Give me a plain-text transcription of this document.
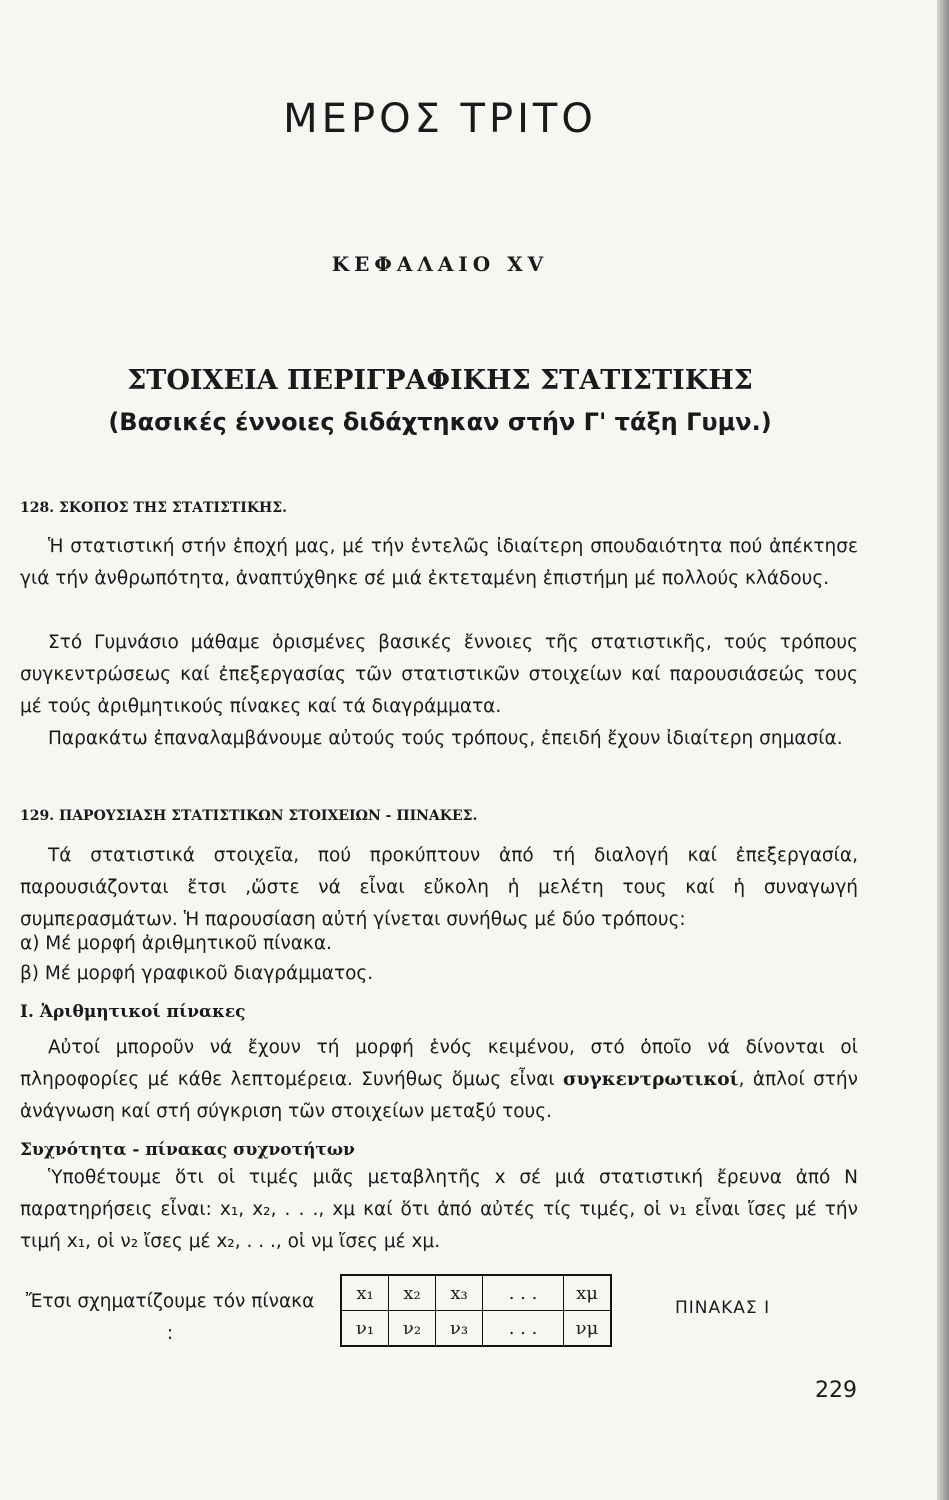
ΜΕΡΟΣ ΤΡΙΤΟ
ΚΕΦΑΛΑΙΟ XV
ΣΤΟΙΧΕΙΑ ΠΕΡΙΓΡΑΦΙΚΗΣ ΣΤΑΤΙΣΤΙΚΗΣ
(Βασικές έννοιες διδάχτηκαν στήν Γ' τάξη Γυμν.)
128. ΣΚΟΠΟΣ ΤΗΣ ΣΤΑΤΙΣΤΙΚΗΣ.
Ἡ στατιστική στήν ἐποχή μας, μέ τήν ἐντελῶς ἰδιαίτερη σπουδαιότητα πού ἀπέκτησε γιά τήν ἀνθρωπότητα, ἀναπτύχθηκε σέ μιά ἐκτεταμένη ἐπιστήμη μέ πολλούς κλάδους.
Στό Γυμνάσιο μάθαμε ὁρισμένες βασικές ἔννοιες τῆς στατιστικῆς, τούς τρόπους συγκεντρώσεως καί ἐπεξεργασίας τῶν στατιστικῶν στοιχείων καί παρουσιάσεώς τους μέ τούς ἀριθμητικούς πίνακες καί τά διαγράμματα.
Παρακάτω ἐπαναλαμβάνουμε αὐτούς τούς τρόπους, ἐπειδή ἔχουν ἰδιαίτερη σημασία.
129. ΠΑΡΟΥΣΙΑΣΗ ΣΤΑΤΙΣΤΙΚΩΝ ΣΤΟΙΧΕΙΩΝ - ΠΙΝΑΚΕΣ.
Τά στατιστικά στοιχεῖα, πού προκύπτουν ἀπό τή διαλογή καί ἐπεξεργασία, παρουσιάζονται ἔτσι ,ὥστε νά εἶναι εὔκολη ἡ μελέτη τους καί ἡ συναγωγή συμπερασμάτων. Ἡ παρουσίαση αὐτή γίνεται συνήθως μέ δύο τρόπους:
α) Μέ μορφή ἀριθμητικοῦ πίνακα.
β) Μέ μορφή γραφικοῦ διαγράμματος.
Ι. Ἀριθμητικοί πίνακες
Αὐτοί μποροῦν νά ἔχουν τή μορφή ἑνός κειμένου, στό ὁποῖο νά δίνονται οἱ πληροφορίες μέ κάθε λεπτομέρεια. Συνήθως ὅμως εἶναι συγκεντρωτικοί, ἁπλοί στήν ἀνάγνωση καί στή σύγκριση τῶν στοιχείων μεταξύ τους.
Συχνότητα - πίνακας συχνοτήτων
Ὑποθέτουμε ὅτι οἱ τιμές μιᾶς μεταβλητῆς x σέ μιά στατιστική ἔρευνα ἀπό Ν παρατηρήσεις εἶναι: x₁, x₂, . . ., xμ καί ὅτι ἀπό αὐτές τίς τιμές, οἱ ν₁ εἶναι ἴσες μέ τήν τιμή x₁, οἱ ν₂ ἴσες μέ x₂, . . ., οἱ νμ ἴσες μέ xμ.
Ἔτσι σχηματίζουμε τόν πίνακα :
x₁	x₂	x₃	. . .	xμ
ν₁	ν₂	ν₃	. . .	νμ
ΠΙΝΑΚΑΣ Ι
229
